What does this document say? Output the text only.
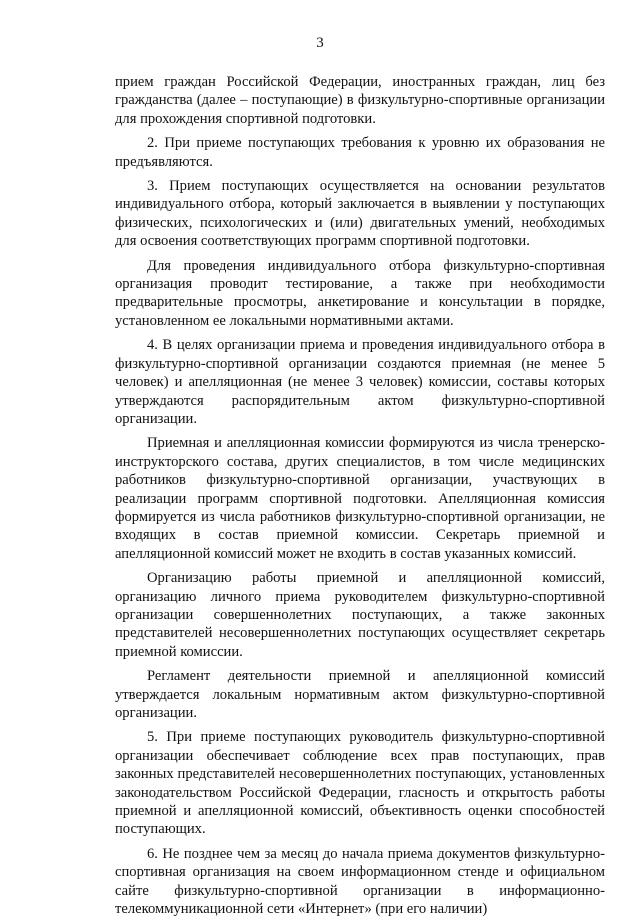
3

прием граждан Российской Федерации, иностранных граждан, лиц без гражданства (далее – поступающие) в физкультурно-спортивные организации для прохождения спортивной подготовки.

2. При приеме поступающих требования к уровню их образования не предъявляются.

3. Прием поступающих осуществляется на основании результатов индивидуального отбора, который заключается в выявлении у поступающих физических, психологических и (или) двигательных умений, необходимых для освоения соответствующих программ спортивной подготовки.

Для проведения индивидуального отбора физкультурно-спортивная организация проводит тестирование, а также при необходимости предварительные просмотры, анкетирование и консультации в порядке, установленном ее локальными нормативными актами.

4. В целях организации приема и проведения индивидуального отбора в физкультурно-спортивной организации создаются приемная (не менее 5 человек) и апелляционная (не менее 3 человек) комиссии, составы которых утверждаются распорядительным актом физкультурно-спортивной организации.

Приемная и апелляционная комиссии формируются из числа тренерско-инструкторского состава, других специалистов, в том числе медицинских работников физкультурно-спортивной организации, участвующих в реализации программ спортивной подготовки. Апелляционная комиссия формируется из числа работников физкультурно-спортивной организации, не входящих в состав приемной комиссии. Секретарь приемной и апелляционной комиссий может не входить в состав указанных комиссий.

Организацию работы приемной и апелляционной комиссий, организацию личного приема руководителем физкультурно-спортивной организации совершеннолетних поступающих, а также законных представителей несовершеннолетних поступающих осуществляет секретарь приемной комиссии.

Регламент деятельности приемной и апелляционной комиссий утверждается локальным нормативным актом физкультурно-спортивной организации.

5. При приеме поступающих руководитель физкультурно-спортивной организации обеспечивает соблюдение всех прав поступающих, прав законных представителей несовершеннолетних поступающих, установленных законодательством Российской Федерации, гласность и открытость работы приемной и апелляционной комиссий, объективность оценки способностей поступающих.

6. Не позднее чем за месяц до начала приема документов физкультурно-спортивная организация на своем информационном стенде и официальном сайте физкультурно-спортивной организации в информационно-телекоммуникационной сети «Интернет» (при его наличии)
